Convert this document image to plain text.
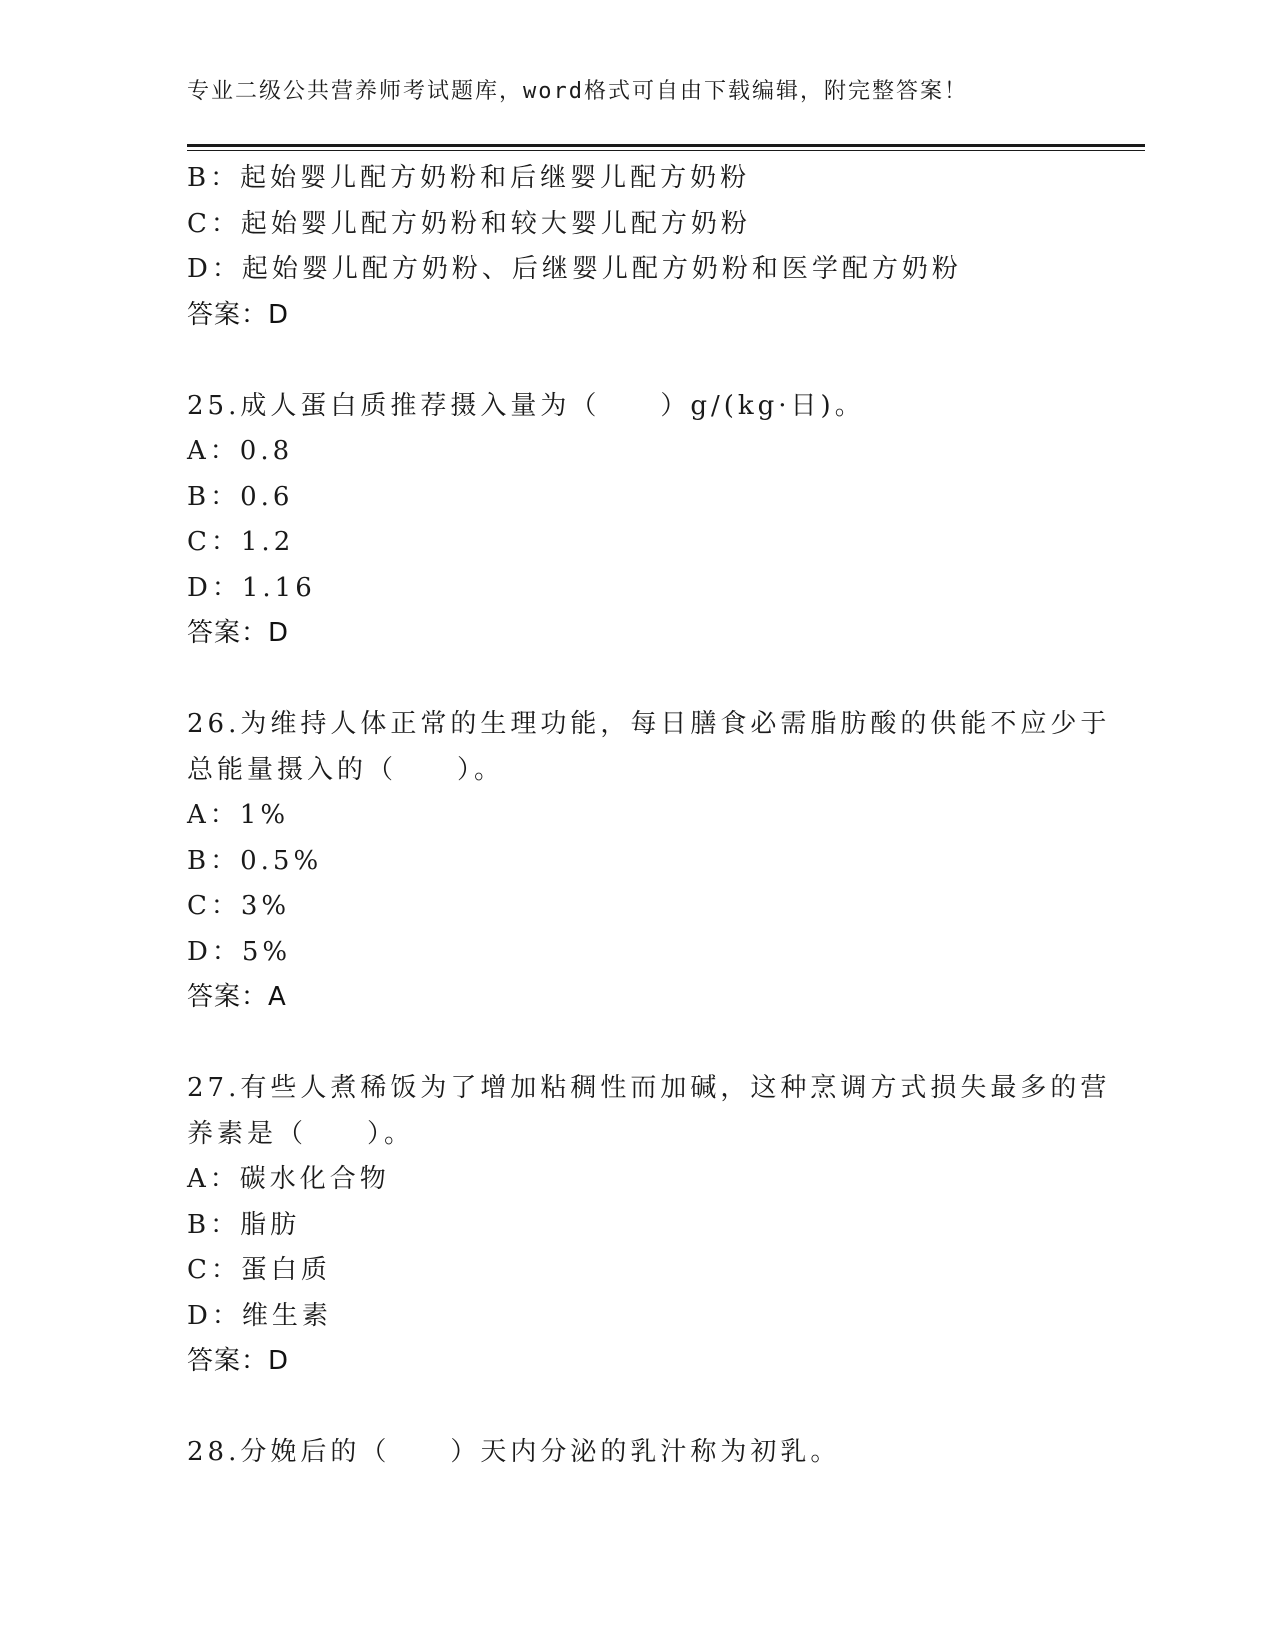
专业二级公共营养师考试题库，word格式可自由下载编辑，附完整答案！
B：起始婴儿配方奶粉和后继婴儿配方奶粉
C：起始婴儿配方奶粉和较大婴儿配方奶粉
D：起始婴儿配方奶粉、后继婴儿配方奶粉和医学配方奶粉
答案：D
25.成人蛋白质推荐摄入量为（　　）g/(kg·日)。
A：0.8
B：0.6
C：1.2
D：1.16
答案：D
26.为维持人体正常的生理功能，每日膳食必需脂肪酸的供能不应少于
总能量摄入的（　　）。
A：1%
B：0.5%
C：3%
D：5%
答案：A
27.有些人煮稀饭为了增加粘稠性而加碱，这种烹调方式损失最多的营
养素是（　　）。
A：碳水化合物
B：脂肪
C：蛋白质
D：维生素
答案：D
28.分娩后的（　　）天内分泌的乳汁称为初乳。
